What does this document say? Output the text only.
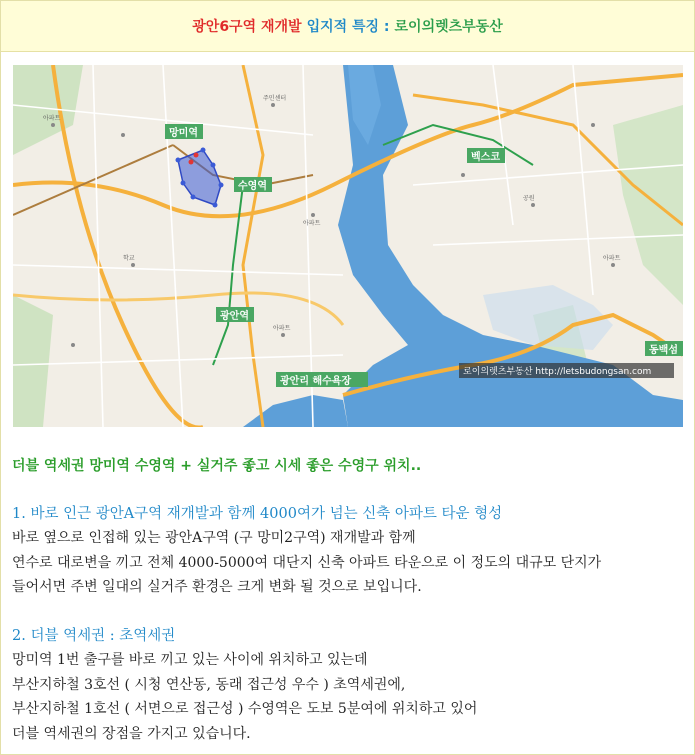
광안6구역 재개발 입지적 특징 : 로이의렛츠부동산
아파트
주민센터
아파트
학교
아파트
공원
아파트
망미역
수영역
광안역
벡스코
동백섬
광안리 해수욕장
로이의렛츠부동산 http://letsbudongsan.com
더블 역세권 망미역 수영역 + 실거주 좋고 시세 좋은 수영구 위치..
1. 바로 인근 광안A구역 재개발과 함께 4000여가 넘는 신축 아파트 타운 형성
바로 옆으로 인접해 있는 광안A구역 (구 망미2구역) 재개발과 함께
연수로 대로변을 끼고 전체 4000-5000여 대단지 신축 아파트 타운으로 이 정도의 대규모 단지가
들어서면 주변 일대의 실거주 환경은 크게 변화 될 것으로 보입니다.
2. 더블 역세권 : 초역세권
망미역 1번 출구를 바로 끼고 있는 사이에 위치하고 있는데
부산지하철 3호선 ( 시청 연산동, 동래 접근성 우수 ) 초역세권에,
부산지하철 1호선 ( 서면으로 접근성 ) 수영역은 도보 5분여에 위치하고 있어
더블 역세권의 장점을 가지고 있습니다.
